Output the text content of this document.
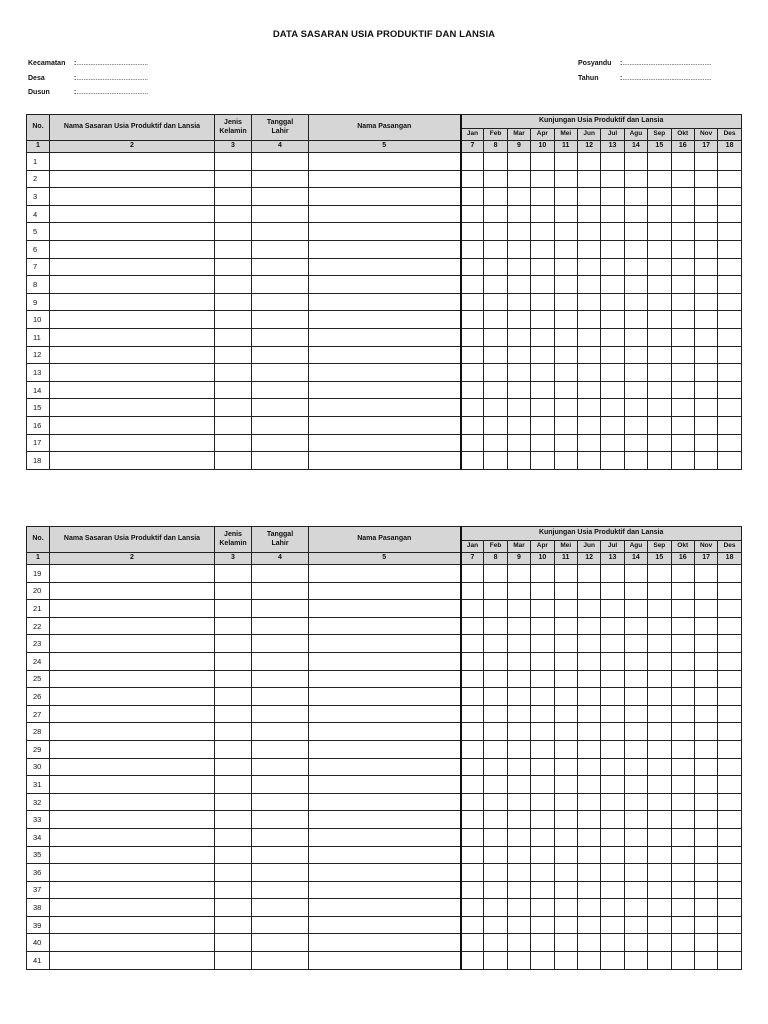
DATA SASARAN USIA PRODUKTIF DAN LANSIA
Kecamatan	: .........................................
Desa	: .........................................
Dusun	: .........................................
Posyandu	: ...................................................
Tahun	: ...................................................
No.	Nama Sasaran Usia Produktif dan Lansia	Jenis Kelamin	Tanggal Lahir	Nama Pasangan	Kunjungan Usia Produktif dan Lansia											
					Jan	Feb	Mar	Apr	Mei	Jun	Jul	Agu	Sep	Okt	Nov	Des
1	2	3	4	5	7	8	9	10	11	12	13	14	15	16	17	18
1																
2																
3																
4																
5																
6																
7																
8																
9																
10																
11																
12																
13																
14																
15																
16																
17																
18																
No.	Nama Sasaran Usia Produktif dan Lansia	Jenis Kelamin	Tanggal Lahir	Nama Pasangan	Kunjungan Usia Produktif dan Lansia											
					Jan	Feb	Mar	Apr	Mei	Jun	Jul	Agu	Sep	Okt	Nov	Des
1	2	3	4	5	7	8	9	10	11	12	13	14	15	16	17	18
19																
20																
21																
22																
23																
24																
25																
26																
27																
28																
29																
30																
31																
32																
33																
34																
35																
36																
37																
38																
39																
40																
41																
